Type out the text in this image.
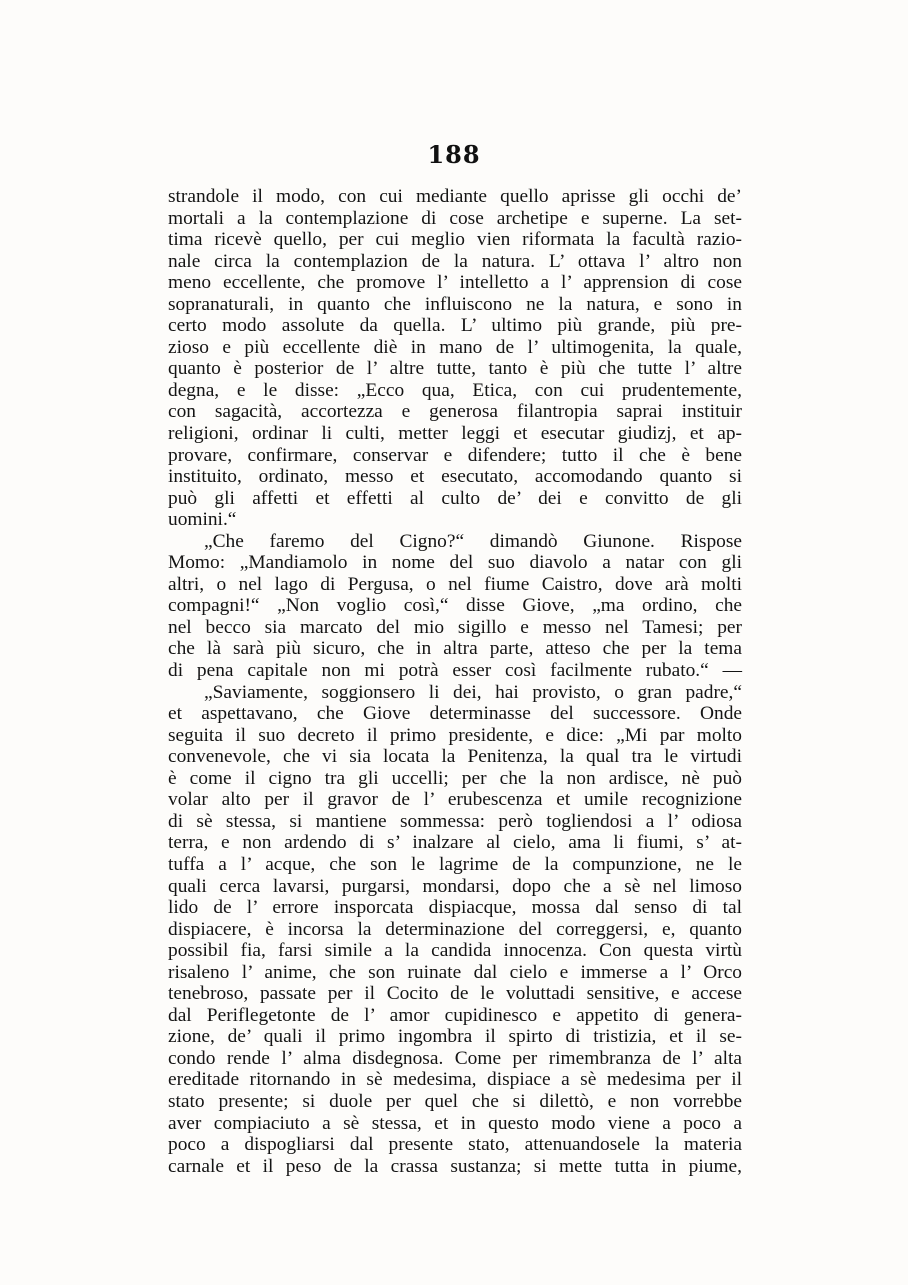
188
strandole il modo, con cui mediante quello aprisse gli occhi de’
mortali a la contemplazione di cose archetipe e superne. La set-
tima ricevè quello, per cui meglio vien riformata la facultà razio-
nale circa la contemplazion de la natura. L’ ottava l’ altro non
meno eccellente, che promove l’ intelletto a l’ apprension di cose
sopranaturali, in quanto che influiscono ne la natura, e sono in
certo modo assolute da quella. L’ ultimo più grande, più pre-
zioso e più eccellente diè in mano de l’ ultimogenita, la quale,
quanto è posterior de l’ altre tutte, tanto è più che tutte l’ altre
degna, e le disse: „Ecco qua, Etica, con cui prudentemente,
con sagacità, accortezza e generosa filantropia saprai instituir
religioni, ordinar li culti, metter leggi et esecutar giudizj, et ap-
provare, confirmare, conservar e difendere; tutto il che è bene
instituito, ordinato, messo et esecutato, accomodando quanto si
può gli affetti et effetti al culto de’ dei e convitto de gli
uomini.“
„Che faremo del Cigno?“ dimandò Giunone. Rispose
Momo: „Mandiamolo in nome del suo diavolo a natar con gli
altri, o nel lago di Pergusa, o nel fiume Caistro, dove arà molti
compagni!“ „Non voglio così,“ disse Giove, „ma ordino, che
nel becco sia marcato del mio sigillo e messo nel Tamesi; per
che là sarà più sicuro, che in altra parte, atteso che per la tema
di pena capitale non mi potrà esser così facilmente rubato.“ —
„Saviamente, soggionsero li dei, hai provisto, o gran padre,“
et aspettavano, che Giove determinasse del successore. Onde
seguita il suo decreto il primo presidente, e dice: „Mi par molto
convenevole, che vi sia locata la Penitenza, la qual tra le virtudi
è come il cigno tra gli uccelli; per che la non ardisce, nè può
volar alto per il gravor de l’ erubescenza et umile recognizione
di sè stessa, si mantiene sommessa: però togliendosi a l’ odiosa
terra, e non ardendo di s’ inalzare al cielo, ama li fiumi, s’ at-
tuffa a l’ acque, che son le lagrime de la compunzione, ne le
quali cerca lavarsi, purgarsi, mondarsi, dopo che a sè nel limoso
lido de l’ errore insporcata dispiacque, mossa dal senso di tal
dispiacere, è incorsa la determinazione del correggersi, e, quanto
possibil fia, farsi simile a la candida innocenza. Con questa virtù
risaleno l’ anime, che son ruinate dal cielo e immerse a l’ Orco
tenebroso, passate per il Cocito de le voluttadi sensitive, e accese
dal Periflegetonte de l’ amor cupidinesco e appetito di genera-
zione, de’ quali il primo ingombra il spirto di tristizia, et il se-
condo rende l’ alma disdegnosa. Come per rimembranza de l’ alta
ereditade ritornando in sè medesima, dispiace a sè medesima per il
stato presente; si duole per quel che si dilettò, e non vorrebbe
aver compiaciuto a sè stessa, et in questo modo viene a poco a
poco a dispogliarsi dal presente stato, attenuandosele la materia
carnale et il peso de la crassa sustanza; si mette tutta in piume,
